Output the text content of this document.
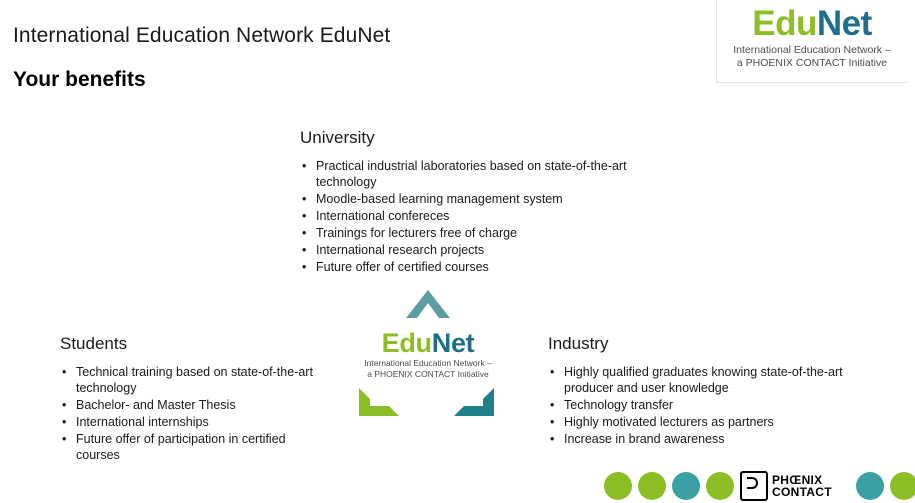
International Education Network EduNet
Your benefits
EduNet
International Education Network –
a PHOENIX CONTACT Initiative
University
• Practical industrial laboratories based on state-of-the-art technology
• Moodle-based learning management system
• International confereces
• Trainings for lecturers free of charge
• International research projects
• Future offer of certified courses
Students
• Technical training based on state-of-the-art technology
• Bachelor- and Master Thesis
• International internships
• Future offer of participation in certified courses
Industry
• Highly qualified graduates knowing state-of-the-art producer and user knowledge
• Technology transfer
• Highly motivated lecturers as partners
• Increase in brand awareness
EduNet
International Education Network –
a PHOENIX CONTACT Initiative
PHŒNIX
CONTACT
